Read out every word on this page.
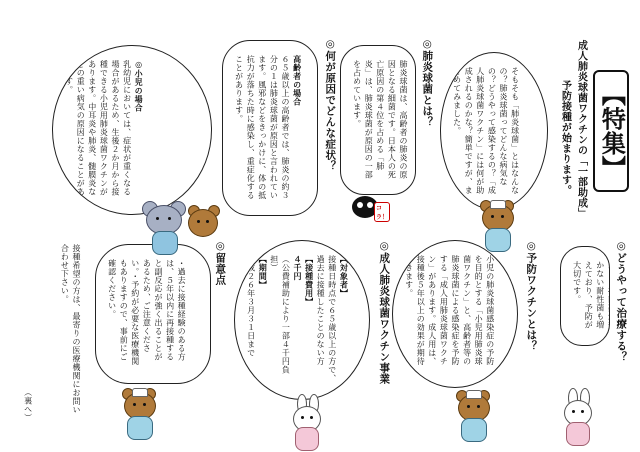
【特集】
成人肺炎球菌ワクチンの「一部助成」
予防接種が始まります。
そもそも「肺炎球菌」とはなんなの？肺炎球菌ってどんな病気なの？どうやって感染するの？「成人肺炎球菌ワクチン」には何が助成されるのかな？簡単ですが、まとめてみました。
◎肺炎球菌とは？
肺炎球菌は、高齢者の肺炎の原因となる細菌です。日本人の死亡原因の第４位を占める「肺炎」は、肺炎球菌が原因の一部を占めています。
◎何が原因でどんな症状？
高齢者の場合
６５歳以上の高齢者では、肺炎の約３分の１は肺炎球菌が原因と言われています。風邪などをきっかけに、体の抵抗力が落ちた時に感染し、重症化することがあります。
◎小児の場合
乳幼児においては、症状が重くなる場合があるため、生後２か月から接種できる小児用肺炎球菌ワクチンがあります。中耳炎や肺炎、髄膜炎などの重い病気の原因になることがあります。
◎どうやって治療する？
かない耐性菌も増えており、予防が大切です。
◎予防ワクチンとは？
小児の肺炎球菌感染症の予防を目的とする「小児用肺炎球菌ワクチン」と、高齢者等の肺炎球菌による感染症を予防する「成人用肺炎球菌ワクチン」があります。成人用は、接種後５年以上の効果が期待できます。
◎成人肺炎球菌ワクチン事業
【対象者】
接種日時点で６５歳以上の方で、過去に接種したことのない方

【接種費用】
４千円
（公費補助により一部４千円負担）

【期間】
平成２６年３月３１日まで
◎留意点
・過去に接種経験のある方は、５年以内に再接種すると副反応が強く出ることがあるため、ご注意ください。・予約が必要な医療機関もありますので、事前にご確認ください。
接種希望の方は、最寄りの医療機関にお問い合わせ下さい。
（裏へ）
コラ！
